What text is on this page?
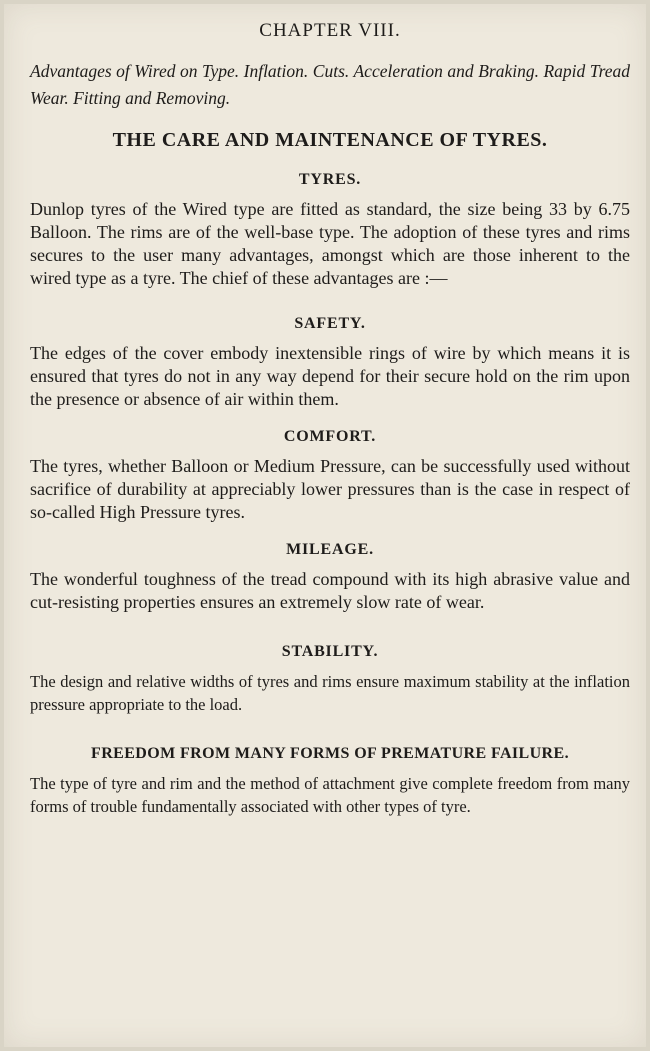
CHAPTER VIII.
Advantages of Wired on Type. Inflation. Cuts. Acceleration and Braking. Rapid Tread Wear. Fitting and Removing.
THE CARE AND MAINTENANCE OF TYRES.
TYRES.

Dunlop tyres of the Wired type are fitted as standard, the size being 33 by 6.75 Balloon. The rims are of the well-base type. The adoption of these tyres and rims secures to the user many advantages, amongst which are those inherent to the wired type as a tyre. The chief of these advantages are :—

SAFETY.

The edges of the cover embody inextensible rings of wire by which means it is ensured that tyres do not in any way depend for their secure hold on the rim upon the presence or absence of air within them.

COMFORT.

The tyres, whether Balloon or Medium Pressure, can be successfully used without sacrifice of durability at appreciably lower pressures than is the case in respect of so-called High Pressure tyres.

MILEAGE.

The wonderful toughness of the tread compound with its high abrasive value and cut-resisting properties ensures an extremely slow rate of wear.

STABILITY.

The design and relative widths of tyres and rims ensure maximum stability at the inflation pressure appropriate to the load.

FREEDOM FROM MANY FORMS OF PREMATURE FAILURE.

The type of tyre and rim and the method of attachment give complete freedom from many forms of trouble fundamentally associated with other types of tyre.
